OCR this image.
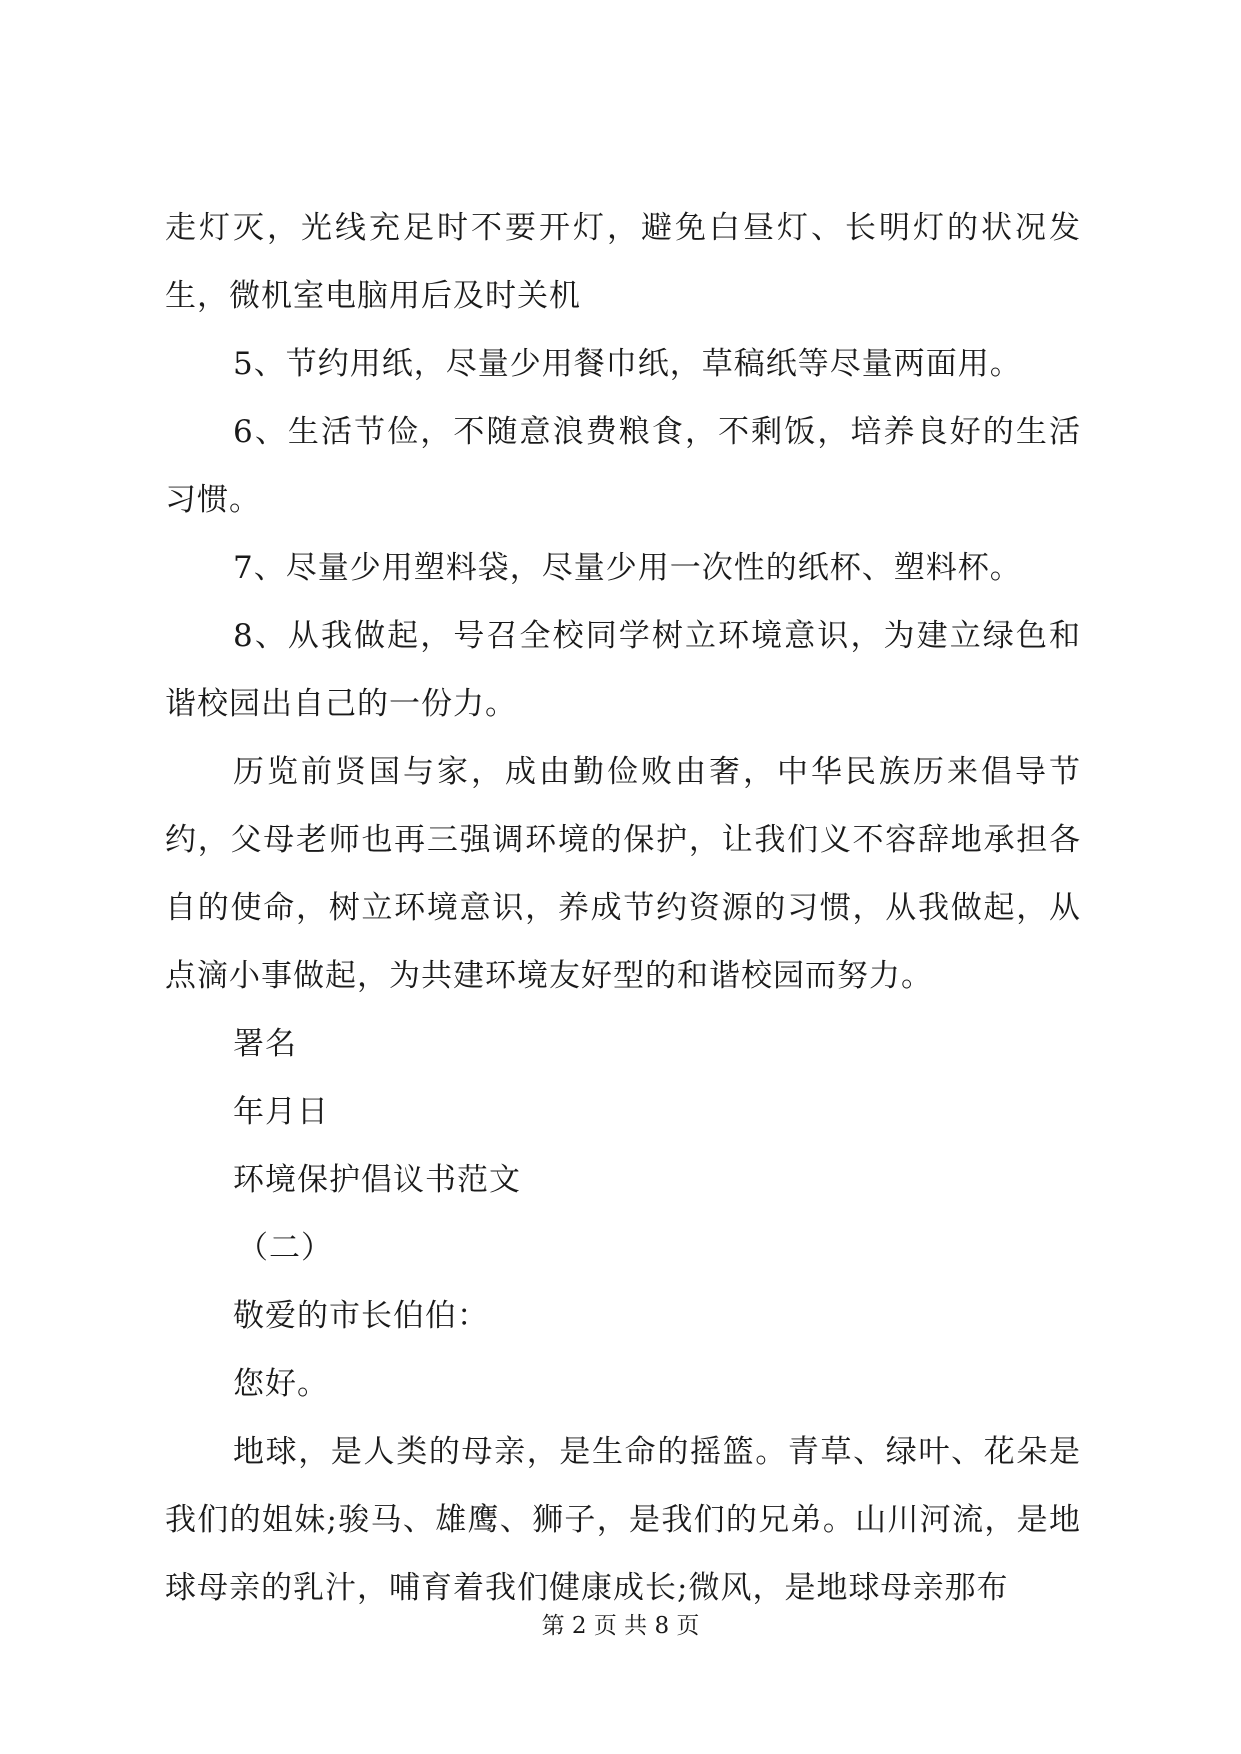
走灯灭，光线充足时不要开灯，避免白昼灯、长明灯的状况发生，微机室电脑用后及时关机

5、节约用纸，尽量少用餐巾纸，草稿纸等尽量两面用。

6、生活节俭，不随意浪费粮食，不剩饭，培养良好的生活习惯。

7、尽量少用塑料袋，尽量少用一次性的纸杯、塑料杯。

8、从我做起，号召全校同学树立环境意识，为建立绿色和谐校园出自己的一份力。

历览前贤国与家，成由勤俭败由奢，中华民族历来倡导节约，父母老师也再三强调环境的保护，让我们义不容辞地承担各自的使命，树立环境意识，养成节约资源的习惯，从我做起，从点滴小事做起，为共建环境友好型的和谐校园而努力。

署名

年月日

环境保护倡议书范文

（二）

敬爱的市长伯伯：

您好。

地球，是人类的母亲，是生命的摇篮。青草、绿叶、花朵是我们的姐妹;骏马、雄鹰、狮子，是我们的兄弟。山川河流，是地球母亲的乳汁，哺育着我们健康成长;微风，是地球母亲那布

第 2 页 共 8 页
